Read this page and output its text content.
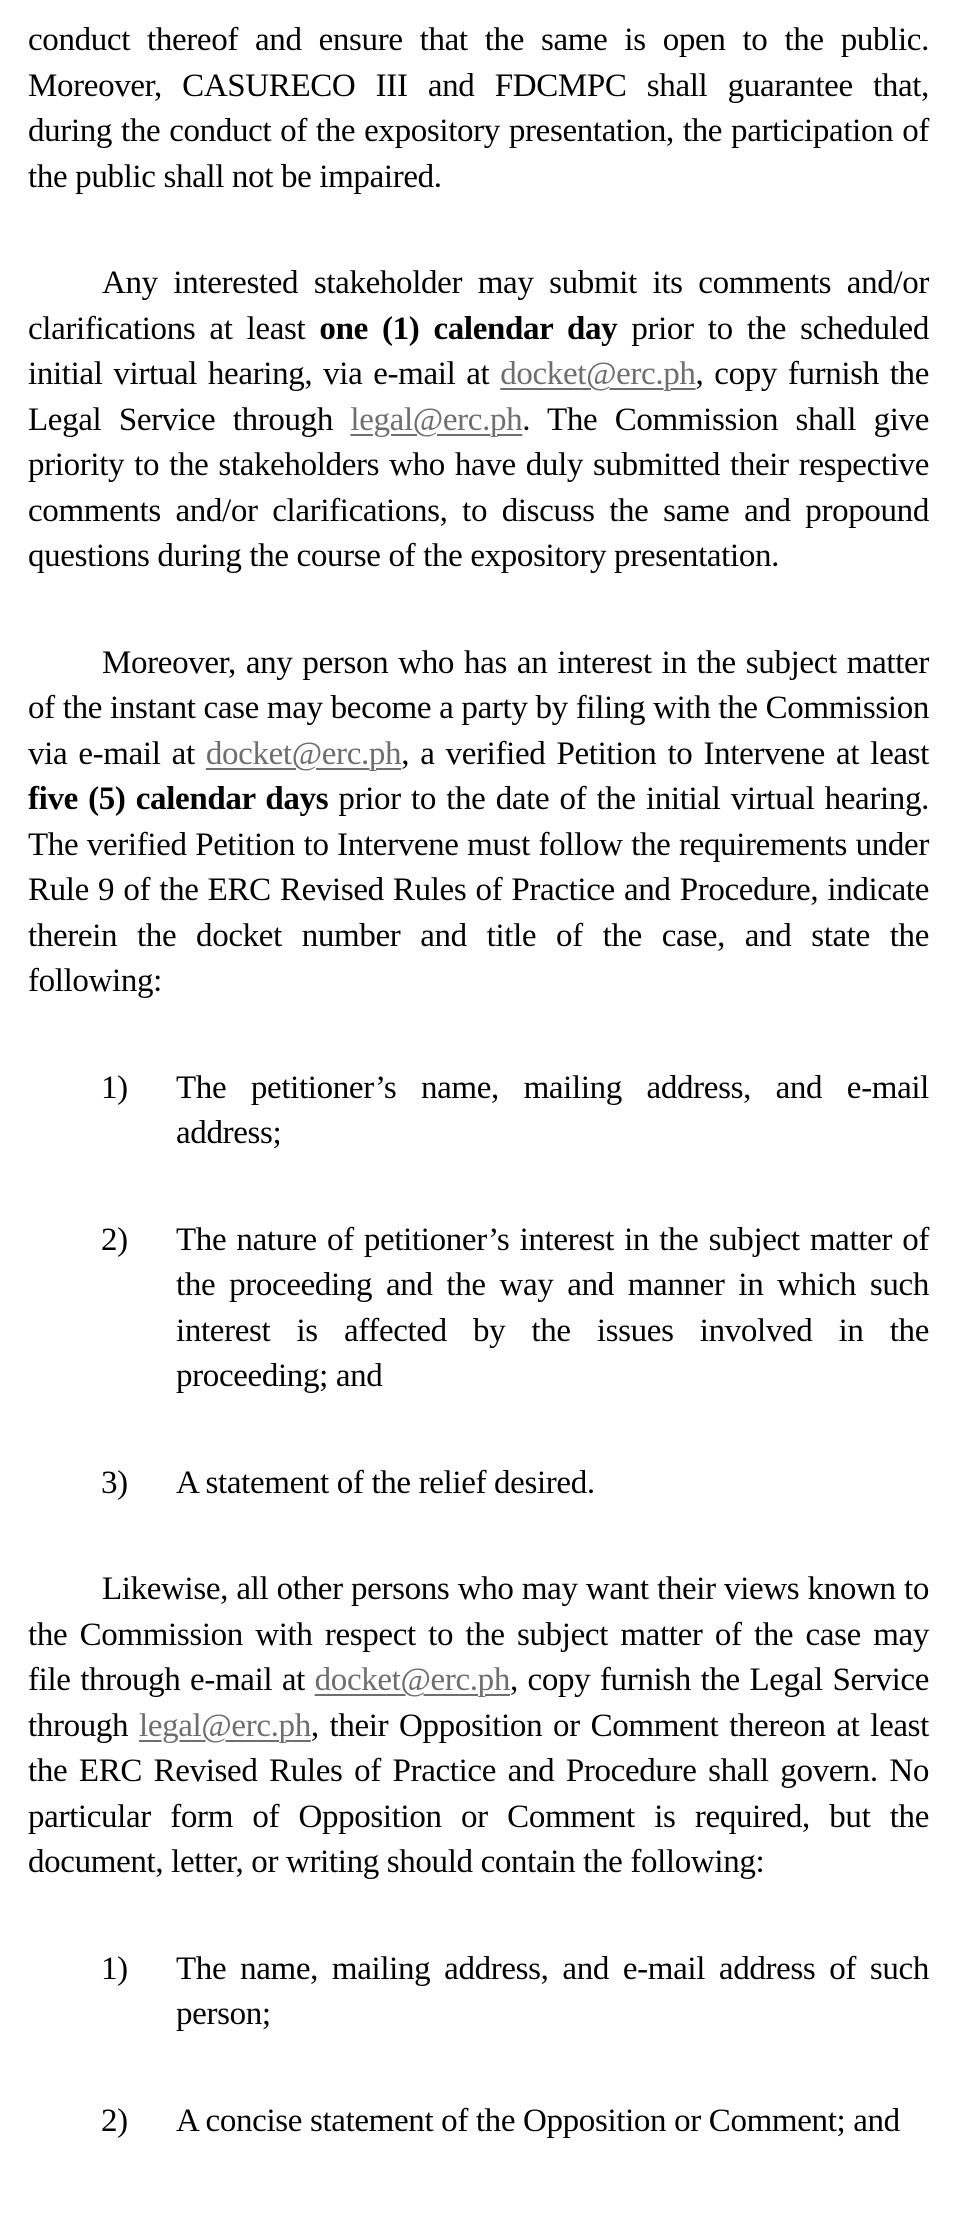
conduct thereof and ensure that the same is open to the public. Moreover, CASURECO III and FDCMPC shall guarantee that, during the conduct of the expository presentation, the participation of the public shall not be impaired.

Any interested stakeholder may submit its comments and/or clarifications at least one (1) calendar day prior to the scheduled initial virtual hearing, via e-mail at docket@erc.ph, copy furnish the Legal Service through legal@erc.ph. The Commission shall give priority to the stakeholders who have duly submitted their respective comments and/or clarifications, to discuss the same and propound questions during the course of the expository presentation.

Moreover, any person who has an interest in the subject matter of the instant case may become a party by filing with the Commission via e-mail at docket@erc.ph, a verified Petition to Intervene at least five (5) calendar days prior to the date of the initial virtual hearing. The verified Petition to Intervene must follow the requirements under Rule 9 of the ERC Revised Rules of Practice and Procedure, indicate therein the docket number and title of the case, and state the following:

1)	The petitioner’s name, mailing address, and e-mail address;
2)	The nature of petitioner’s interest in the subject matter of the proceeding and the way and manner in which such interest is affected by the issues involved in the proceeding; and
3)	A statement of the relief desired.

Likewise, all other persons who may want their views known to the Commission with respect to the subject matter of the case may file through e-mail at docket@erc.ph, copy furnish the Legal Service through legal@erc.ph, their Opposition or Comment thereon at least the ERC Revised Rules of Practice and Procedure shall govern. No particular form of Opposition or Comment is required, but the document, letter, or writing should contain the following:

1)	The name, mailing address, and e-mail address of such person;
2)	A concise statement of the Opposition or Comment; and
